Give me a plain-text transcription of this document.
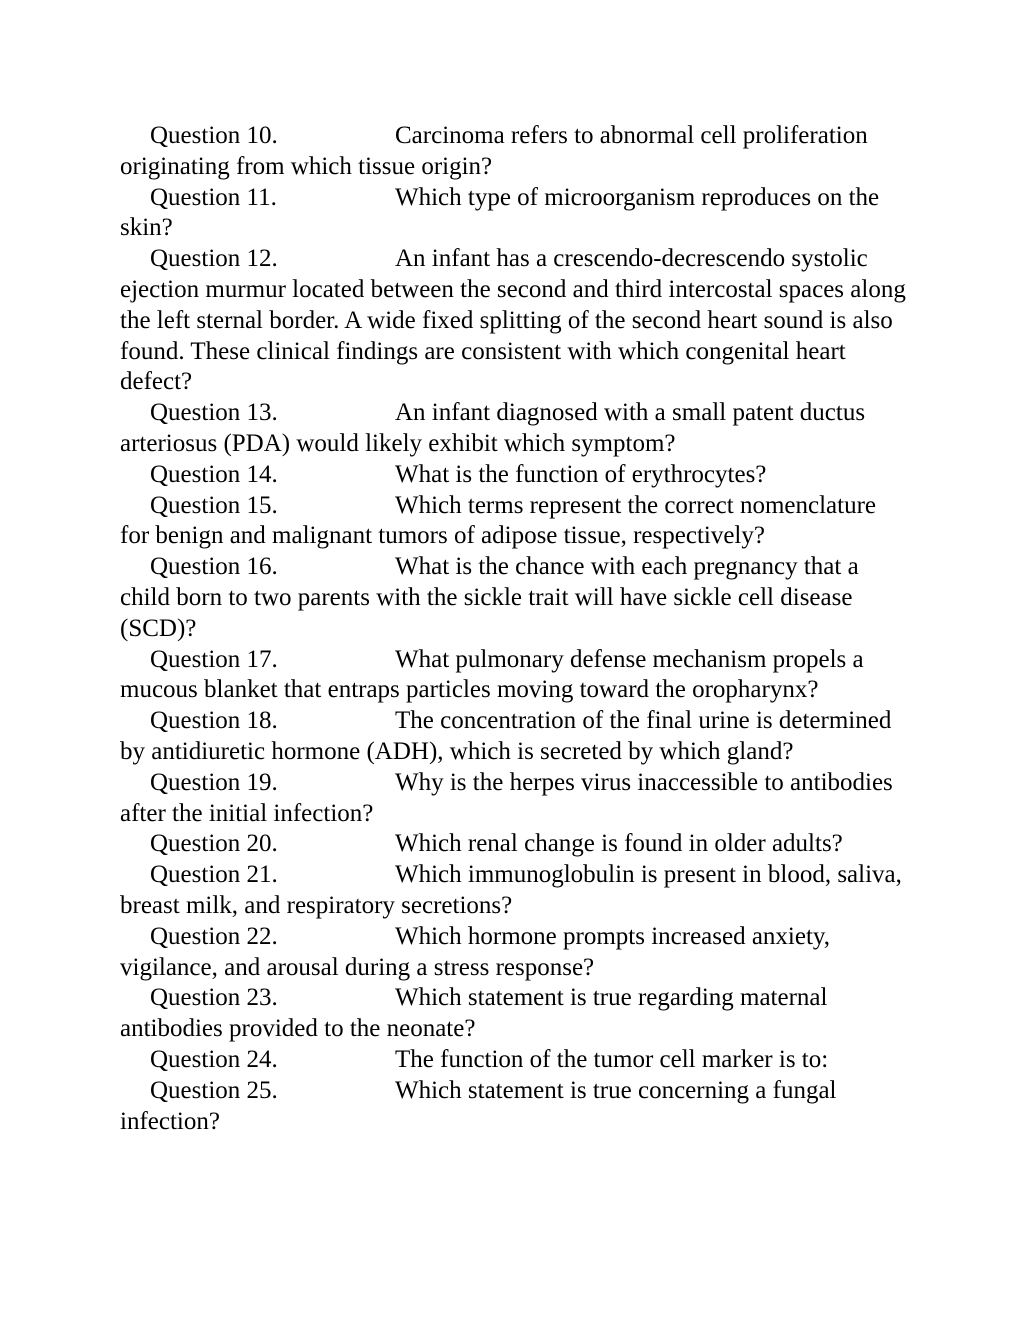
Question 10.	Carcinoma refers to abnormal cell proliferation originating from which tissue origin?

Question 11.	Which type of microorganism reproduces on the skin?

Question 12.	An infant has a crescendo-decrescendo systolic ejection murmur located between the second and third intercostal spaces along the left sternal border. A wide fixed splitting of the second heart sound is also found. These clinical findings are consistent with which congenital heart defect?

Question 13.	An infant diagnosed with a small patent ductus arteriosus (PDA) would likely exhibit which symptom?

Question 14.	What is the function of erythrocytes?

Question 15.	Which terms represent the correct nomenclature for benign and malignant tumors of adipose tissue, respectively?

Question 16.	What is the chance with each pregnancy that a child born to two parents with the sickle trait will have sickle cell disease (SCD)?

Question 17.	What pulmonary defense mechanism propels a mucous blanket that entraps particles moving toward the oropharynx?

Question 18.	The concentration of the final urine is determined by antidiuretic hormone (ADH), which is secreted by which gland?

Question 19.	Why is the herpes virus inaccessible to antibodies after the initial infection?

Question 20.	Which renal change is found in older adults?

Question 21.	Which immunoglobulin is present in blood, saliva, breast milk, and respiratory secretions?

Question 22.	Which hormone prompts increased anxiety, vigilance, and arousal during a stress response?

Question 23.	Which statement is true regarding maternal antibodies provided to the neonate?

Question 24.	The function of the tumor cell marker is to:

Question 25.	Which statement is true concerning a fungal infection?
